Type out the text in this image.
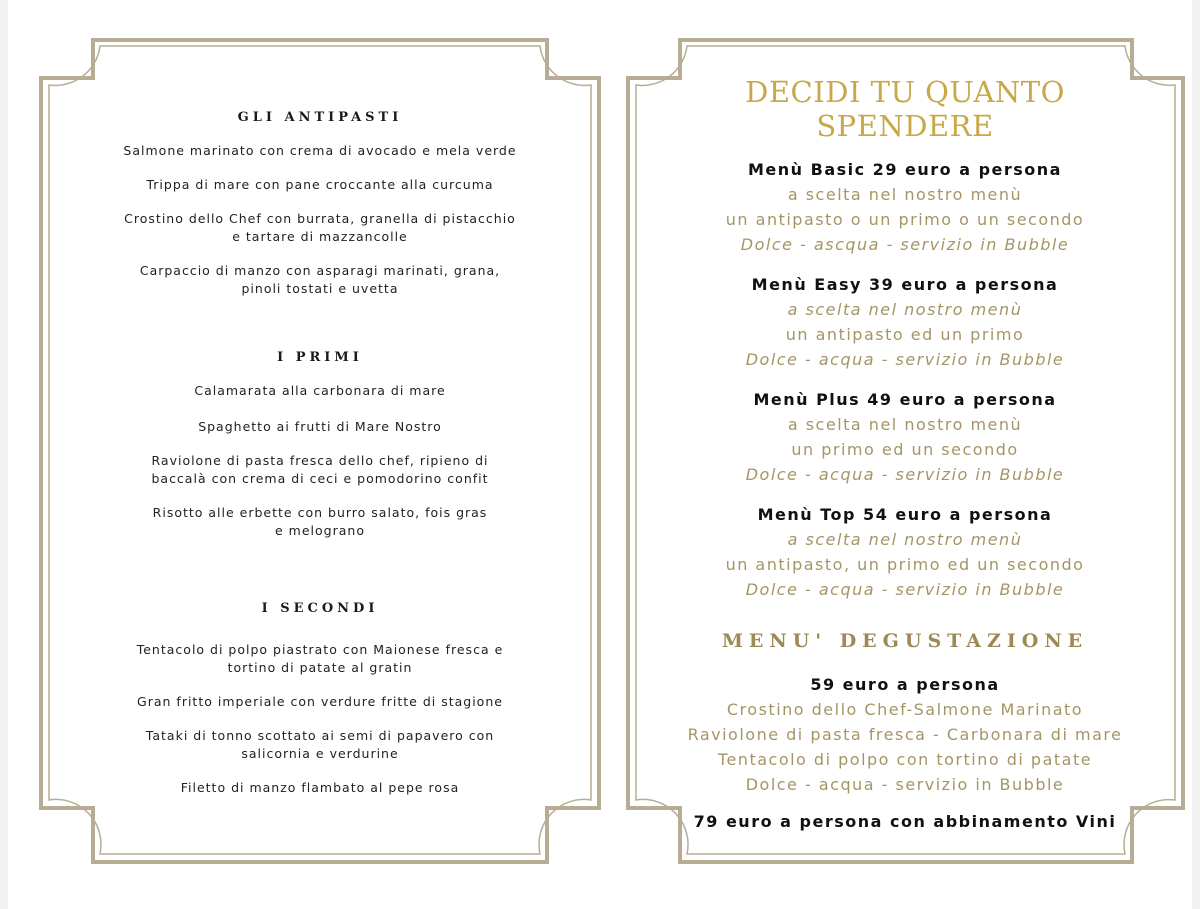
GLI ANTIPASTI

Salmone marinato con crema di avocado e mela verde

Trippa di mare con pane croccante alla curcuma

Crostino dello Chef con burrata, granella di pistacchio
e tartare di mazzancolle

Carpaccio di manzo con asparagi marinati, grana,
pinoli tostati e uvetta

I PRIMI

Calamarata alla carbonara di mare

Spaghetto ai frutti di Mare Nostro

Raviolone di pasta fresca dello chef, ripieno di
baccalà con crema di ceci e pomodorino confit

Risotto alle erbette con burro salato, fois gras
e melograno

I SECONDI

Tentacolo di polpo piastrato con Maionese fresca e
tortino di patate al gratin

Gran fritto imperiale con verdure fritte di stagione

Tataki di tonno scottato ai semi di papavero con
salicornia e verdurine

Filetto di manzo flambato al pepe rosa

DECIDI TU QUANTO

SPENDERE

Menù Basic 29 euro a persona

a scelta nel nostro menù

un antipasto o un primo o un secondo

Dolce - ascqua - servizio in Bubble

Menù Easy 39 euro a persona

a scelta nel nostro menù

un antipasto ed un primo

Dolce - acqua - servizio in Bubble

Menù Plus 49 euro a persona

a scelta nel nostro menù

un primo ed un secondo

Dolce - acqua - servizio in Bubble

Menù Top 54 euro a persona

a scelta nel nostro menù

un antipasto, un primo ed un secondo

Dolce - acqua - servizio in Bubble

MENU' DEGUSTAZIONE

59 euro a persona

Crostino dello Chef-Salmone Marinato

Raviolone di pasta fresca - Carbonara di mare

Tentacolo di polpo con tortino di patate

Dolce - acqua - servizio in Bubble

79 euro a persona con abbinamento Vini
